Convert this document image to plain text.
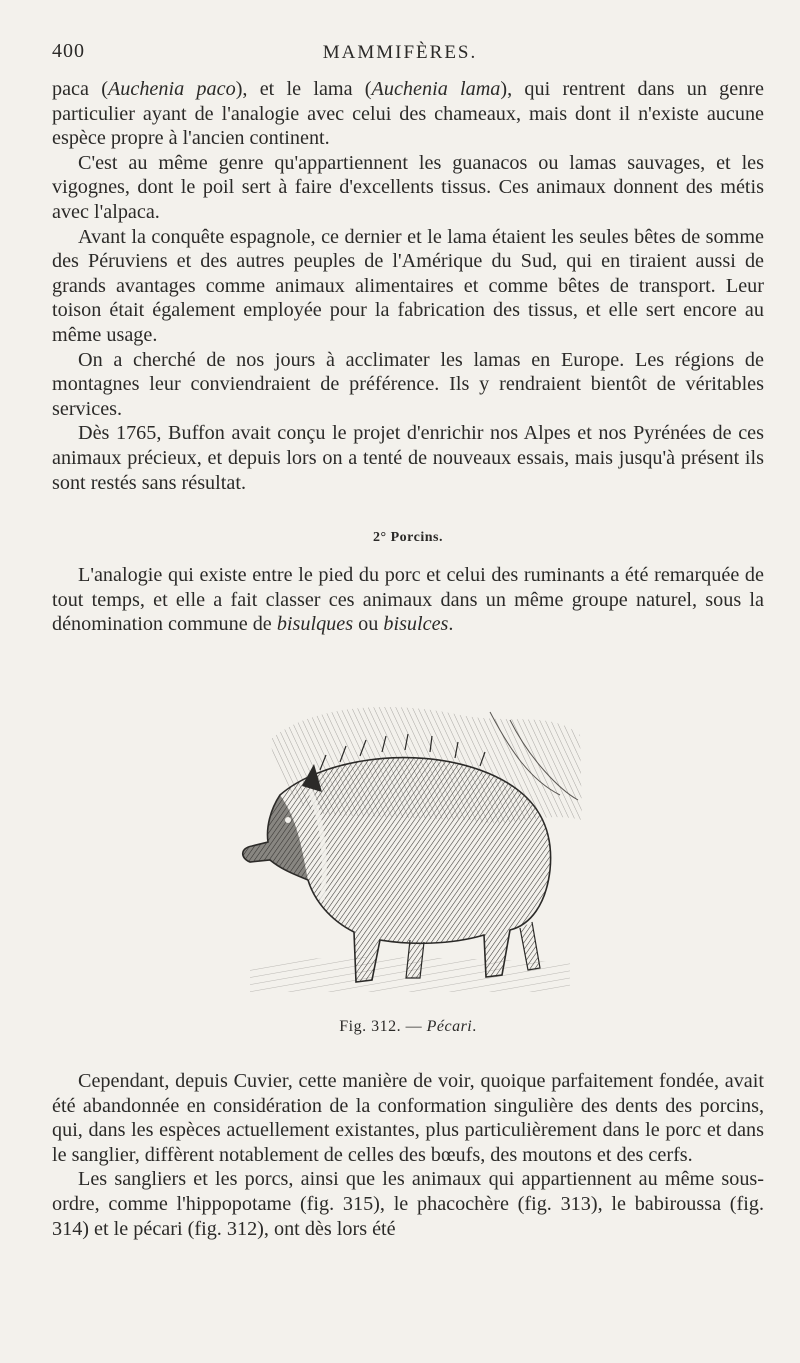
400	MAMMIFÈRES.

paca (Auchenia paco), et le lama (Auchenia lama), qui rentrent dans un genre particulier ayant de l'analogie avec celui des chameaux, mais dont il n'existe aucune espèce propre à l'ancien continent.

C'est au même genre qu'appartiennent les guanacos ou lamas sauvages, et les vigognes, dont le poil sert à faire d'excellents tissus. Ces animaux donnent des métis avec l'alpaca.

Avant la conquête espagnole, ce dernier et le lama étaient les seules bêtes de somme des Péruviens et des autres peuples de l'Amérique du Sud, qui en tiraient aussi de grands avantages comme animaux alimentaires et comme bêtes de transport. Leur toison était également employée pour la fabrication des tissus, et elle sert encore au même usage.

On a cherché de nos jours à acclimater les lamas en Europe. Les régions de montagnes leur conviendraient de préférence. Ils y rendraient bientôt de véritables services.

Dès 1765, Buffon avait conçu le projet d'enrichir nos Alpes et nos Pyrénées de ces animaux précieux, et depuis lors on a tenté de nouveaux essais, mais jusqu'à présent ils sont restés sans résultat.

2° Porcins.

L'analogie qui existe entre le pied du porc et celui des ruminants a été remarquée de tout temps, et elle a fait classer ces animaux dans un même groupe naturel, sous la dénomination commune de bisulques ou bisulces.

Fig. 312. — Pécari.

Cependant, depuis Cuvier, cette manière de voir, quoique parfaitement fondée, avait été abandonnée en considération de la conformation singulière des dents des porcins, qui, dans les espèces actuellement existantes, plus particulièrement dans le porc et dans le sanglier, diffèrent notablement de celles des bœufs, des moutons et des cerfs.

Les sangliers et les porcs, ainsi que les animaux qui appartiennent au même sous-ordre, comme l'hippopotame (fig. 315), le phacochère (fig. 313), le babiroussa (fig. 314) et le pécari (fig. 312), ont dès lors été
